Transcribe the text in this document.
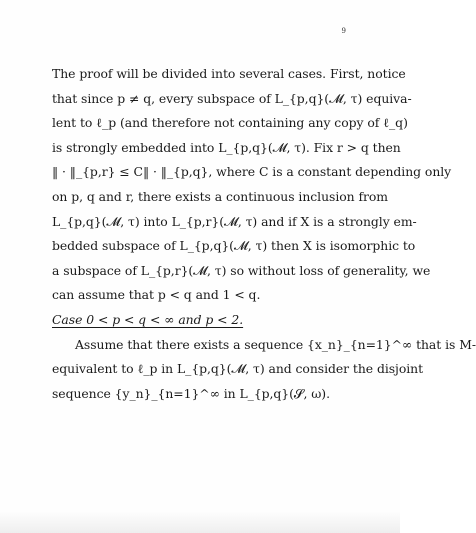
9
The proof will be divided into several cases. First, notice
that since p ≠ q, every subspace of L_{p,q}(𝓜, τ) equiva-
lent to ℓ_p (and therefore not containing any copy of ℓ_q)
is strongly embedded into L_{p,q}(𝓜, τ). Fix r > q then
‖ · ‖_{p,r} ≤ C‖ · ‖_{p,q}, where C is a constant depending only
on p, q and r, there exists a continuous inclusion from
L_{p,q}(𝓜, τ) into L_{p,r}(𝓜, τ) and if X is a strongly em-
bedded subspace of L_{p,q}(𝓜, τ) then X is isomorphic to
a subspace of L_{p,r}(𝓜, τ) so without loss of generality, we
can assume that p < q and 1 < q.
Case 0 < p < q < ∞ and p < 2.
Assume that there exists a sequence {x_n}_{n=1}^∞ that is M-
equivalent to ℓ_p in L_{p,q}(𝓜, τ) and consider the disjoint
sequence {y_n}_{n=1}^∞ in L_{p,q}(𝓢, ω).
